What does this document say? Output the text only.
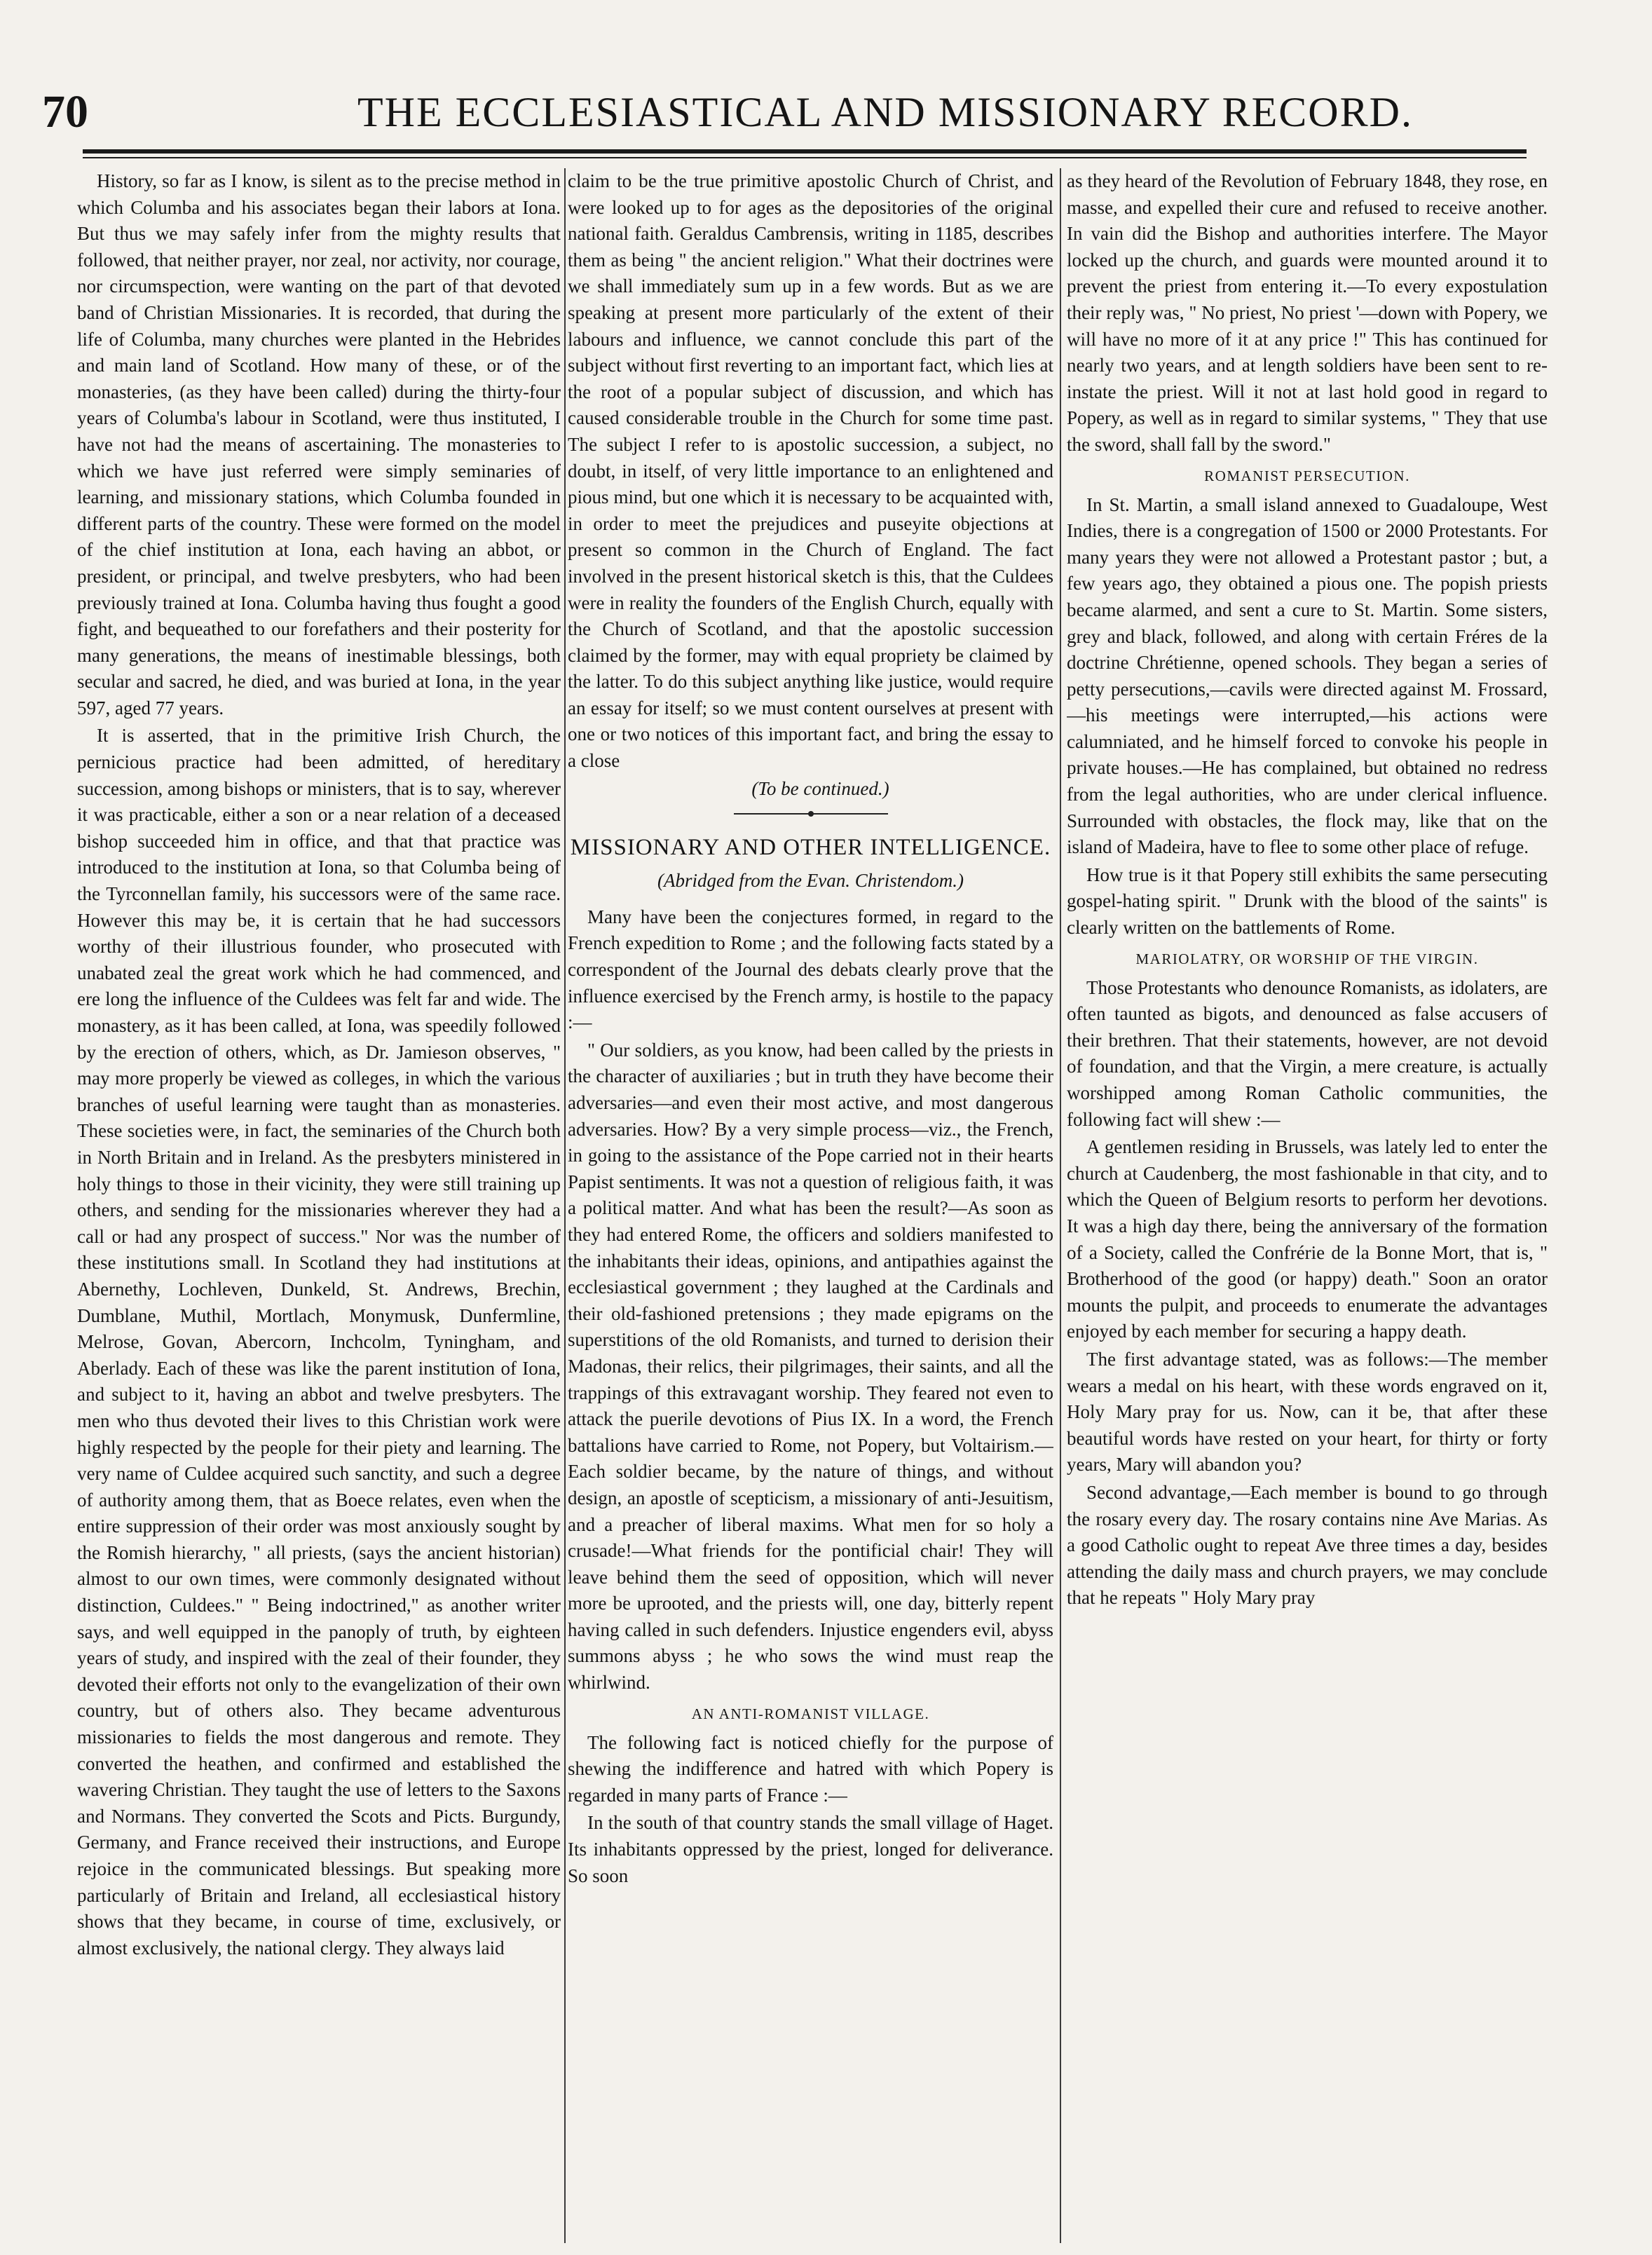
70	THE ECCLESIASTICAL AND MISSIONARY RECORD.

History, so far as I know, is silent as to the precise method in which Columba and his associates began their labors at Iona. But thus we may safely infer from the mighty results that followed, that neither prayer, nor zeal, nor activity, nor courage, nor circumspection, were wanting on the part of that devoted band of Christian Missionaries. It is recorded, that during the life of Columba, many churches were planted in the Hebrides and main land of Scotland. How many of these, or of the monasteries, (as they have been called) during the thirty-four years of Columba's labour in Scotland, were thus instituted, I have not had the means of ascertaining. The monasteries to which we have just referred were simply seminaries of learning, and missionary stations, which Columba founded in different parts of the country. These were formed on the model of the chief institution at Iona, each having an abbot, or president, or principal, and twelve presbyters, who had been previously trained at Iona. Columba having thus fought a good fight, and bequeathed to our forefathers and their posterity for many generations, the means of inestimable blessings, both secular and sacred, he died, and was buried at Iona, in the year 597, aged 77 years.

It is asserted, that in the primitive Irish Church, the pernicious practice had been admitted, of hereditary succession, among bishops or ministers, that is to say, wherever it was practicable, either a son or a near relation of a deceased bishop succeeded him in office, and that that practice was introduced to the institution at Iona, so that Columba being of the Tyrconnellan family, his successors were of the same race. However this may be, it is certain that he had successors worthy of their illustrious founder, who prosecuted with unabated zeal the great work which he had commenced, and ere long the influence of the Culdees was felt far and wide. The monastery, as it has been called, at Iona, was speedily followed by the erection of others, which, as Dr. Jamieson observes, " may more properly be viewed as colleges, in which the various branches of useful learning were taught than as monasteries. These societies were, in fact, the seminaries of the Church both in North Britain and in Ireland. As the presbyters ministered in holy things to those in their vicinity, they were still training up others, and sending for the missionaries wherever they had a call or had any prospect of success." Nor was the number of these institutions small. In Scotland they had institutions at Abernethy, Lochleven, Dunkeld, St. Andrews, Brechin, Dumblane, Muthil, Mortlach, Monymusk, Dunfermline, Melrose, Govan, Abercorn, Inchcolm, Tyningham, and Aberlady. Each of these was like the parent institution of Iona, and subject to it, having an abbot and twelve presbyters. The men who thus devoted their lives to this Christian work were highly respected by the people for their piety and learning. The very name of Culdee acquired such sanctity, and such a degree of authority among them, that as Boece relates, even when the entire suppression of their order was most anxiously sought by the Romish hierarchy, " all priests, (says the ancient historian) almost to our own times, were commonly designated without distinction, Culdees." " Being indoctrined," as another writer says, and well equipped in the panoply of truth, by eighteen years of study, and inspired with the zeal of their founder, they devoted their efforts not only to the evangelization of their own country, but of others also. They became adventurous missionaries to fields the most dangerous and remote. They converted the heathen, and confirmed and established the wavering Christian. They taught the use of letters to the Saxons and Normans. They converted the Scots and Picts. Burgundy, Germany, and France received their instructions, and Europe rejoice in the communicated blessings. But speaking more particularly of Britain and Ireland, all ecclesiastical history shows that they became, in course of time, exclusively, or almost exclusively, the national clergy. They always laid

claim to be the true primitive apostolic Church of Christ, and were looked up to for ages as the depositories of the original national faith. Geraldus Cambrensis, writing in 1185, describes them as being " the ancient religion." What their doctrines were we shall immediately sum up in a few words. But as we are speaking at present more particularly of the extent of their labours and influence, we cannot conclude this part of the subject without first reverting to an important fact, which lies at the root of a popular subject of discussion, and which has caused considerable trouble in the Church for some time past. The subject I refer to is apostolic succession, a subject, no doubt, in itself, of very little importance to an enlightened and pious mind, but one which it is necessary to be acquainted with, in order to meet the prejudices and puseyite objections at present so common in the Church of England. The fact involved in the present historical sketch is this, that the Culdees were in reality the founders of the English Church, equally with the Church of Scotland, and that the apostolic succession claimed by the former, may with equal propriety be claimed by the latter. To do this subject anything like justice, would require an essay for itself; so we must content ourselves at present with one or two notices of this important fact, and bring the essay to a close

(To be continued.)

MISSIONARY AND OTHER INTELLIGENCE.
(Abridged from the Evan. Christendom.)

Many have been the conjectures formed, in regard to the French expedition to Rome ; and the following facts stated by a correspondent of the Journal des debats clearly prove that the influence exercised by the French army, is hostile to the papacy :—

" Our soldiers, as you know, had been called by the priests in the character of auxiliaries ; but in truth they have become their adversaries—and even their most active, and most dangerous adversaries. How? By a very simple process—viz., the French, in going to the assistance of the Pope carried not in their hearts Papist sentiments. It was not a question of religious faith, it was a political matter. And what has been the result?—As soon as they had entered Rome, the officers and soldiers manifested to the inhabitants their ideas, opinions, and antipathies against the ecclesiastical government ; they laughed at the Cardinals and their old-fashioned pretensions ; they made epigrams on the superstitions of the old Romanists, and turned to derision their Madonas, their relics, their pilgrimages, their saints, and all the trappings of this extravagant worship. They feared not even to attack the puerile devotions of Pius IX. In a word, the French battalions have carried to Rome, not Popery, but Voltairism.—Each soldier became, by the nature of things, and without design, an apostle of scepticism, a missionary of anti-Jesuitism, and a preacher of liberal maxims. What men for so holy a crusade!—What friends for the pontificial chair! They will leave behind them the seed of opposition, which will never more be uprooted, and the priests will, one day, bitterly repent having called in such defenders. Injustice engenders evil, abyss summons abyss ; he who sows the wind must reap the whirlwind.

AN ANTI-ROMANIST VILLAGE.

The following fact is noticed chiefly for the purpose of shewing the indifference and hatred with which Popery is regarded in many parts of France :—

In the south of that country stands the small village of Haget. Its inhabitants oppressed by the priest, longed for deliverance. So soon

as they heard of the Revolution of February 1848, they rose, en masse, and expelled their cure and refused to receive another. In vain did the Bishop and authorities interfere. The Mayor locked up the church, and guards were mounted around it to prevent the priest from entering it.—To every expostulation their reply was, " No priest, No priest '—down with Popery, we will have no more of it at any price !" This has continued for nearly two years, and at length soldiers have been sent to re-instate the priest. Will it not at last hold good in regard to Popery, as well as in regard to similar systems, " They that use the sword, shall fall by the sword."

ROMANIST PERSECUTION.

In St. Martin, a small island annexed to Guadaloupe, West Indies, there is a congregation of 1500 or 2000 Protestants. For many years they were not allowed a Protestant pastor ; but, a few years ago, they obtained a pious one. The popish priests became alarmed, and sent a cure to St. Martin. Some sisters, grey and black, followed, and along with certain Fréres de la doctrine Chrétienne, opened schools. They began a series of petty persecutions,—cavils were directed against M. Frossard,—his meetings were interrupted,—his actions were calumniated, and he himself forced to convoke his people in private houses.—He has complained, but obtained no redress from the legal authorities, who are under clerical influence. Surrounded with obstacles, the flock may, like that on the island of Madeira, have to flee to some other place of refuge.

How true is it that Popery still exhibits the same persecuting gospel-hating spirit. " Drunk with the blood of the saints" is clearly written on the battlements of Rome.

MARIOLATRY, OR WORSHIP OF THE VIRGIN.

Those Protestants who denounce Romanists, as idolaters, are often taunted as bigots, and denounced as false accusers of their brethren. That their statements, however, are not devoid of foundation, and that the Virgin, a mere creature, is actually worshipped among Roman Catholic communities, the following fact will shew :—

A gentlemen residing in Brussels, was lately led to enter the church at Caudenberg, the most fashionable in that city, and to which the Queen of Belgium resorts to perform her devotions. It was a high day there, being the anniversary of the formation of a Society, called the Confrérie de la Bonne Mort, that is, " Brotherhood of the good (or happy) death." Soon an orator mounts the pulpit, and proceeds to enumerate the advantages enjoyed by each member for securing a happy death.

The first advantage stated, was as follows:—The member wears a medal on his heart, with these words engraved on it, Holy Mary pray for us. Now, can it be, that after these beautiful words have rested on your heart, for thirty or forty years, Mary will abandon you?

Second advantage,—Each member is bound to go through the rosary every day. The rosary contains nine Ave Marias. As a good Catholic ought to repeat Ave three times a day, besides attending the daily mass and church prayers, we may conclude that he repeats " Holy Mary pray
